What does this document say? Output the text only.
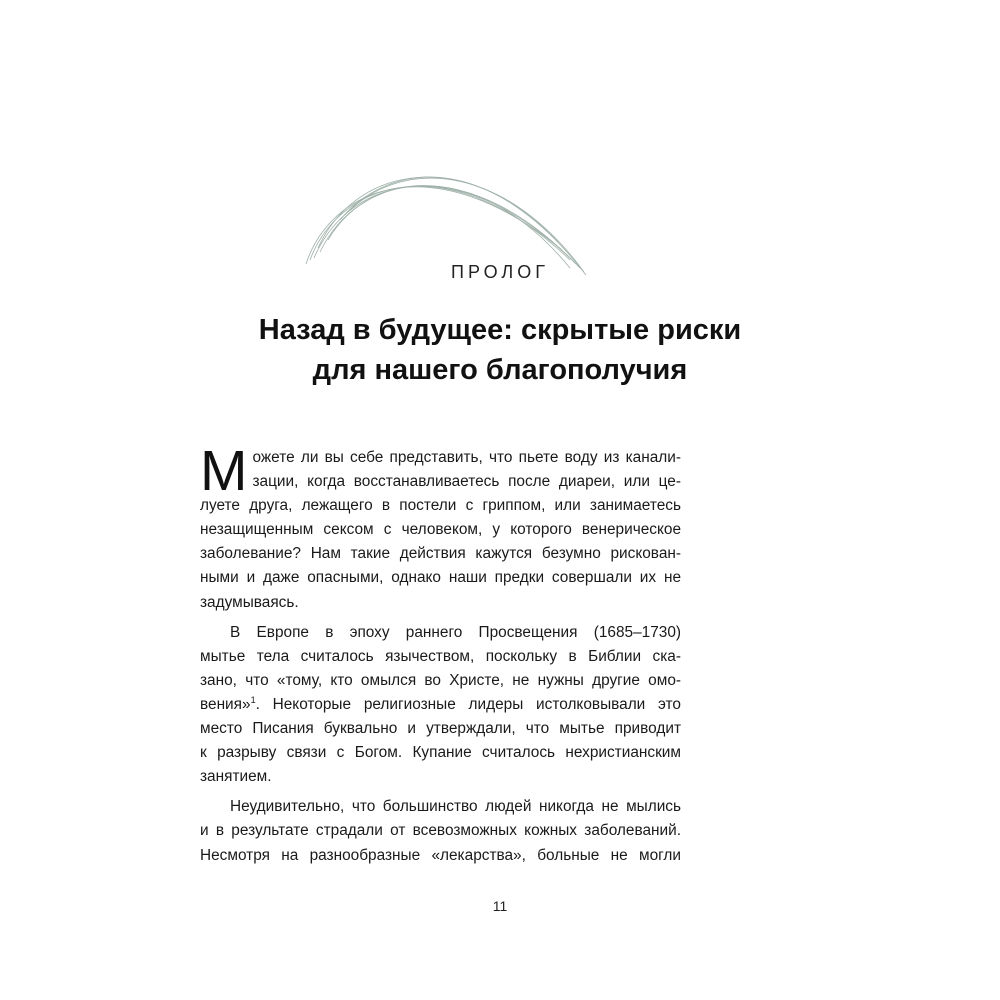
ПРОЛОГ
Назад в будущее: скрытые риски
для нашего благополучия

М ожете ли вы себе представить, что пьете воду из канали-
зации, когда восстанавливаетесь после диареи, или це-
луете друга, лежащего в постели с гриппом, или занимаетесь
незащищенным сексом с человеком, у которого венерическое
заболевание? Нам такие действия кажутся безумно рискован-
ными и даже опасными, однако наши предки совершали их не
задумываясь.

В Европе в эпоху раннего Просвещения (1685–1730)
мытье тела считалось язычеством, поскольку в Библии ска-
зано, что «тому, кто омылся во Христе, не нужны другие омо-
вения»$^1$. Некоторые религиозные лидеры истолковывали это
место Писания буквально и утверждали, что мытье приводит
к разрыву связи с Богом. Купание считалось нехристианским
занятием.

Неудивительно, что большинство людей никогда не мылись
и в результате страдали от всевозможных кожных заболеваний.
Несмотря на разнообразные «лекарства», больные не могли

11
